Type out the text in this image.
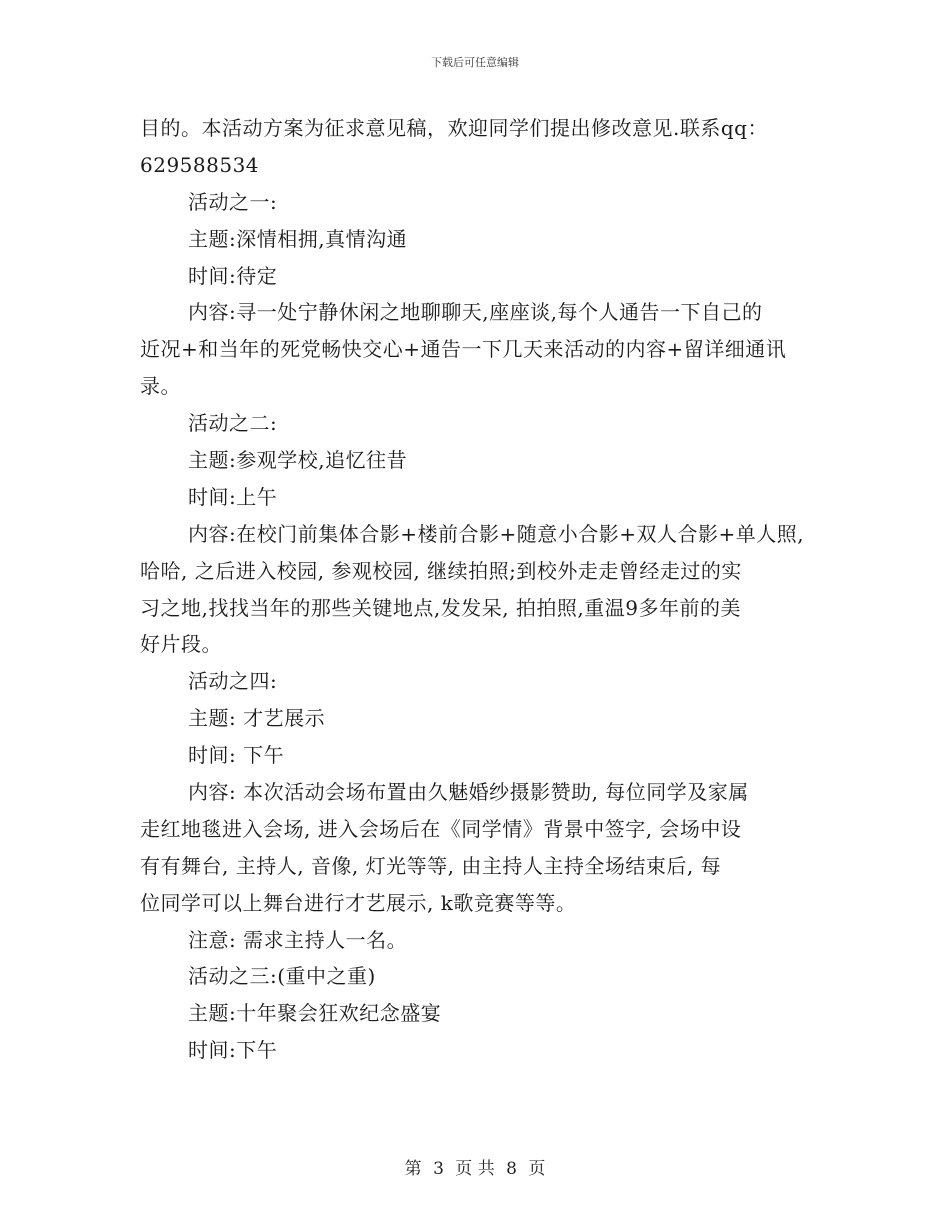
下载后可任意编辑
目的。本活动方案为征求意见稿，欢迎同学们提出修改意见.联系qq：
629588534
活动之一:
主题:深情相拥,真情沟通
时间:待定
内容:寻一处宁静休闲之地聊聊天,座座谈,每个人通告一下自己的
近况+和当年的死党畅快交心+通告一下几天来活动的内容+留详细通讯
录。
活动之二:
主题:参观学校,追忆往昔
时间:上午
内容:在校门前集体合影+楼前合影+随意小合影+双人合影+单人照,
哈哈, 之后进入校园, 参观校园, 继续拍照;到校外走走曾经走过的实
习之地,找找当年的那些关键地点,发发呆, 拍拍照,重温9多年前的美
好片段。
活动之四:
主题: 才艺展示
时间: 下午
内容: 本次活动会场布置由久魅婚纱摄影赞助, 每位同学及家属
走红地毯进入会场, 进入会场后在《同学情》背景中签字, 会场中设
有有舞台, 主持人, 音像, 灯光等等, 由主持人主持全场结束后, 每
位同学可以上舞台进行才艺展示, k歌竞赛等等。
注意: 需求主持人一名。
活动之三:(重中之重)
主题:十年聚会狂欢纪念盛宴
时间:下午
第 3 页 共 8 页
